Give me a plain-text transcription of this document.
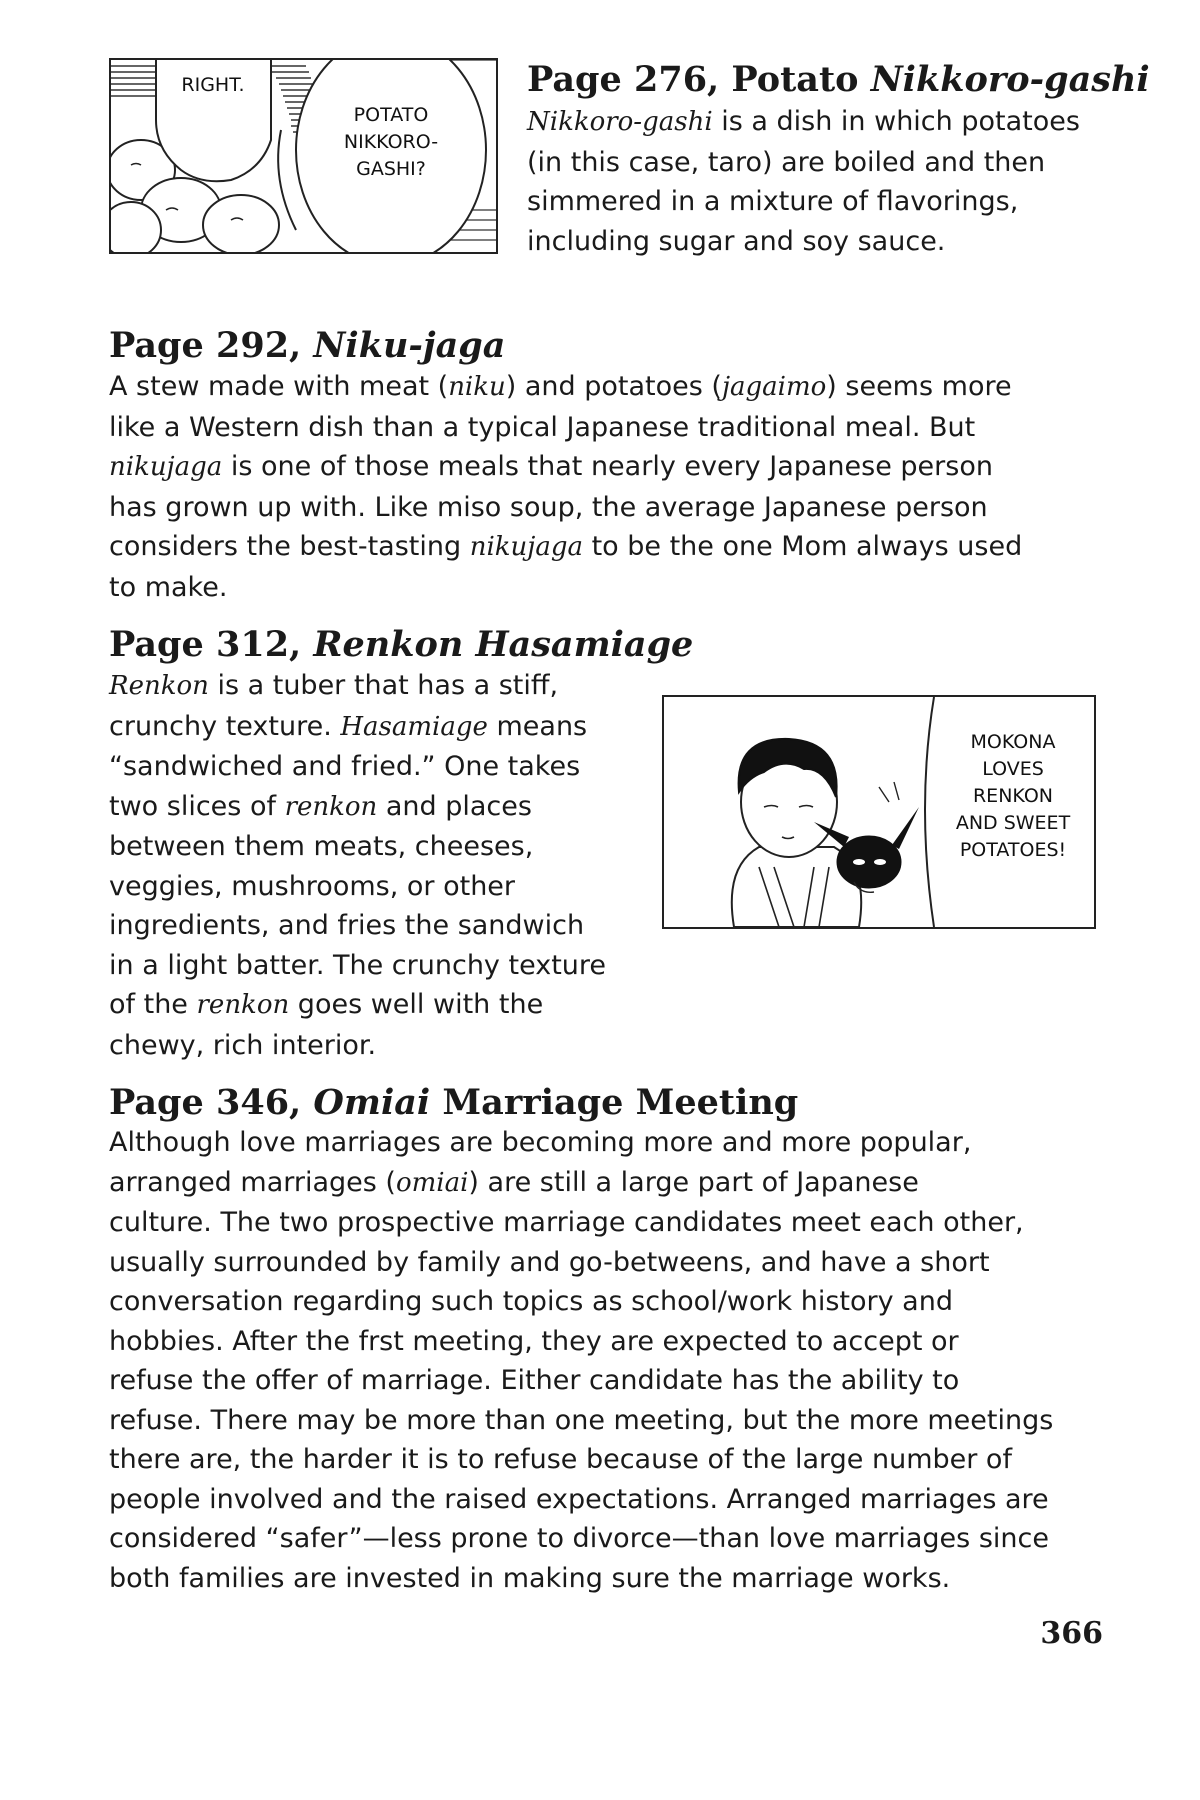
RIGHT.
POTATO
NIKKORO-
GASHI?
Page 276, Potato Nikkoro-gashi
Nikkoro-gashi is a dish in which potatoes
(in this case, taro) are boiled and then
simmered in a mixture of flavorings,
including sugar and soy sauce.
Page 292, Niku-jaga
A stew made with meat (niku) and potatoes (jagaimo) seems more
like a Western dish than a typical Japanese traditional meal. But
nikujaga is one of those meals that nearly every Japanese person
has grown up with. Like miso soup, the average Japanese person
considers the best-tasting nikujaga to be the one Mom always used
to make.
Page 312, Renkon Hasamiage
Renkon is a tuber that has a stiff,
crunchy texture. Hasamiage means
“sandwiched and fried.” One takes
two slices of renkon and places
between them meats, cheeses,
veggies, mushrooms, or other
ingredients, and fries the sandwich
in a light batter. The crunchy texture
of the renkon goes well with the
chewy, rich interior.
MOKONA
LOVES
RENKON
AND SWEET
POTATOES!
Page 346, Omiai Marriage Meeting
Although love marriages are becoming more and more popular,
arranged marriages (omiai) are still a large part of Japanese
culture. The two prospective marriage candidates meet each other,
usually surrounded by family and go-betweens, and have a short
conversation regarding such topics as school/work history and
hobbies. After the frst meeting, they are expected to accept or
refuse the offer of marriage. Either candidate has the ability to
refuse. There may be more than one meeting, but the more meetings
there are, the harder it is to refuse because of the large number of
people involved and the raised expectations. Arranged marriages are
considered “safer”—less prone to divorce—than love marriages since
both families are invested in making sure the marriage works.
366
